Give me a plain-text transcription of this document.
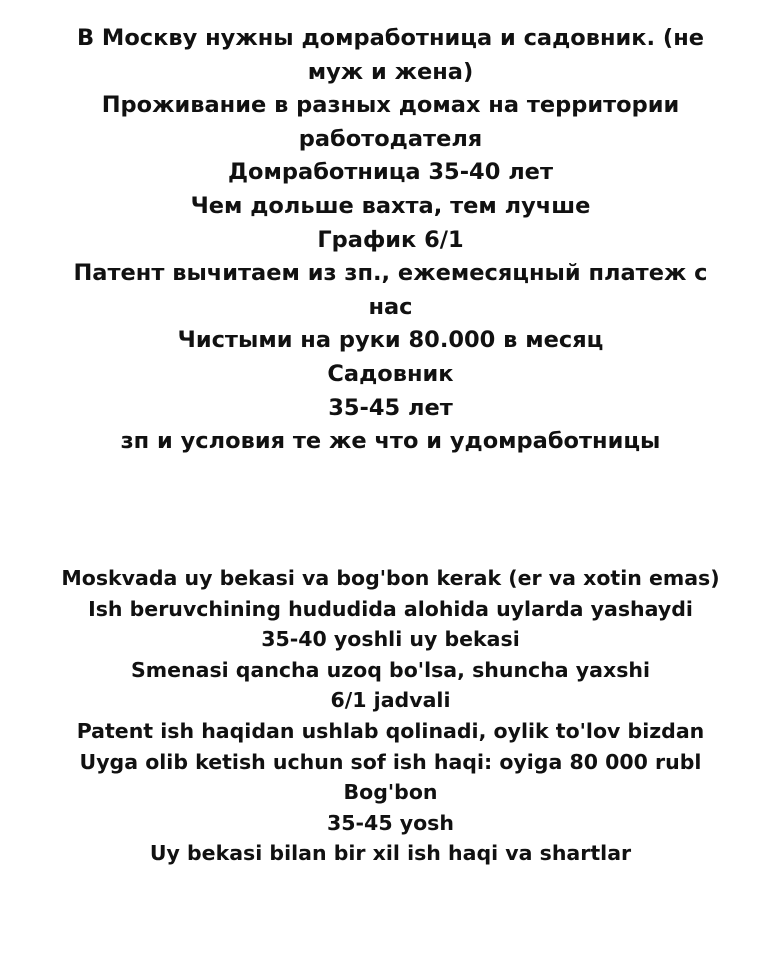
В Москву нужны домработница и садовник. (не
муж и жена)
Проживание в разных домах на территории
работодателя
Домработница 35-40 лет
Чем дольше вахта, тем лучше
График 6/1
Патент вычитаем из зп., ежемесяцный платеж с
нас
Чистыми на руки 80.000 в месяц
Садовник
35-45 лет
зп и условия те же что и удомработницы
Moskvada uy bekasi va bog'bon kerak (er va xotin emas)
Ish beruvchining hududida alohida uylarda yashaydi
35-40 yoshli uy bekasi
Smenasi qancha uzoq bo'lsa, shuncha yaxshi
6/1 jadvali
Patent ish haqidan ushlab qolinadi, oylik to'lov bizdan
Uyga olib ketish uchun sof ish haqi: oyiga 80 000 rubl
Bog'bon
35-45 yosh
Uy bekasi bilan bir xil ish haqi va shartlar
